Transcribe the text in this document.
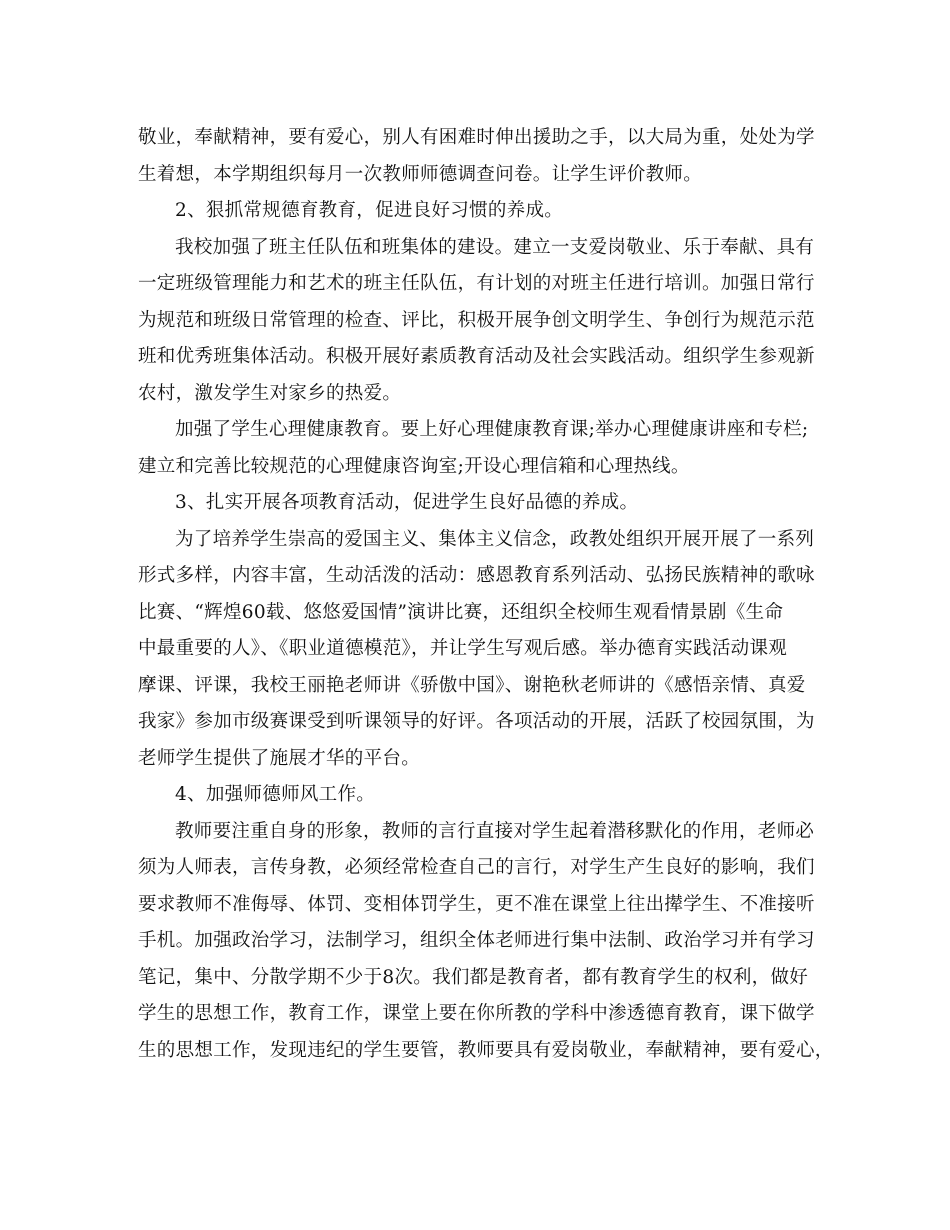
敬业，奉献精神，要有爱心，别人有困难时伸出援助之手，以大局为重，处处为学
生着想，本学期组织每月一次教师师德调查问卷。让学生评价教师。
2、狠抓常规德育教育，促进良好习惯的养成。
我校加强了班主任队伍和班集体的建设。建立一支爱岗敬业、乐于奉献、具有
一定班级管理能力和艺术的班主任队伍，有计划的对班主任进行培训。加强日常行
为规范和班级日常管理的检查、评比，积极开展争创文明学生、争创行为规范示范
班和优秀班集体活动。积极开展好素质教育活动及社会实践活动。组织学生参观新
农村，激发学生对家乡的热爱。
加强了学生心理健康教育。要上好心理健康教育课;举办心理健康讲座和专栏;
建立和完善比较规范的心理健康咨询室;开设心理信箱和心理热线。
3、扎实开展各项教育活动，促进学生良好品德的养成。
为了培养学生崇高的爱国主义、集体主义信念，政教处组织开展开展了一系列
形式多样，内容丰富，生动活泼的活动：感恩教育系列活动、弘扬民族精神的歌咏
比赛、“辉煌60载、悠悠爱国情”演讲比赛，还组织全校师生观看情景剧《生命
中最重要的人》、《职业道德模范》，并让学生写观后感。举办德育实践活动课观
摩课、评课，我校王丽艳老师讲《骄傲中国》、谢艳秋老师讲的《感悟亲情、真爱
我家》参加市级赛课受到听课领导的好评。各项活动的开展，活跃了校园氛围，为
老师学生提供了施展才华的平台。
4、加强师德师风工作。
教师要注重自身的形象，教师的言行直接对学生起着潜移默化的作用，老师必
须为人师表，言传身教，必须经常检查自己的言行，对学生产生良好的影响，我们
要求教师不准侮辱、体罚、变相体罚学生，更不准在课堂上往出撵学生、不准接听
手机。加强政治学习，法制学习，组织全体老师进行集中法制、政治学习并有学习
笔记，集中、分散学期不少于8次。我们都是教育者，都有教育学生的权利，做好
学生的思想工作，教育工作，课堂上要在你所教的学科中渗透德育教育，课下做学
生的思想工作，发现违纪的学生要管，教师要具有爱岗敬业，奉献精神，要有爱心，
